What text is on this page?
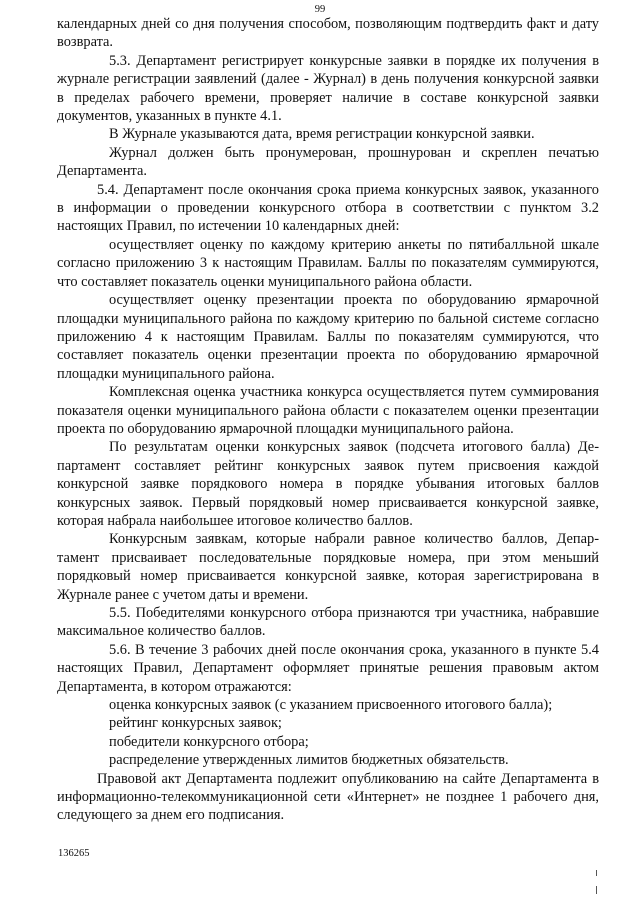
99

календарных дней со дня получения способом, позволяющим подтвердить факт и дату возврата.

5.3. Департамент регистрирует конкурсные заявки в порядке их получения в журнале регистрации заявлений (далее - Журнал) в день получения конкурсной заявки в пределах рабочего времени, проверяет наличие в составе конкурсной заявки документов, указанных в пункте 4.1.

В Журнале указываются дата, время регистрации конкурсной заявки.

Журнал должен быть пронумерован, прошнурован и скреплен печатью Департамента.

5.4. Департамент после окончания срока приема конкурсных заявок, указанного в информации о проведении конкурсного отбора в соответствии с пунктом 3.2 настоящих Правил, по истечении 10 календарных дней:

осуществляет оценку по каждому критерию анкеты по пятибалльной шкале согласно приложению 3 к настоящим Правилам. Баллы по показателям суммируются, что составляет показатель оценки муниципального района области.

осуществляет оценку презентации проекта по оборудованию ярмарочной площадки муниципального района по каждому критерию по бальной системе согласно приложению 4 к настоящим Правилам. Баллы по показателям суммируются, что составляет показатель оценки презентации проекта по оборудованию ярмарочной площадки муниципального района.

Комплексная оценка участника конкурса осуществляется путем суммирования показателя оценки муниципального района области с показателем оценки презентации проекта по оборудованию ярмарочной площадки муниципального района.

По результатам оценки конкурсных заявок (подсчета итогового балла) Департамент составляет рейтинг конкурсных заявок путем присвоения каждой конкурсной заявке порядкового номера в порядке убывания итоговых баллов конкурсных заявок. Первый порядковый номер присваивается конкурсной заявке, которая набрала наибольшее итоговое количество баллов.

Конкурсным заявкам, которые набрали равное количество баллов, Департамент присваивает последовательные порядковые номера, при этом меньший порядковый номер присваивается конкурсной заявке, которая зарегистрирована в Журнале ранее с учетом даты и времени.

5.5. Победителями конкурсного отбора признаются три участника, набравшие максимальное количество баллов.

5.6. В течение 3 рабочих дней после окончания срока, указанного в пункте 5.4 настоящих Правил, Департамент оформляет принятые решения правовым актом Департамента, в котором отражаются:

оценка конкурсных заявок (с указанием присвоенного итогового балла);

рейтинг конкурсных заявок;

победители конкурсного отбора;

распределение утвержденных лимитов бюджетных обязательств.

Правовой акт Департамента подлежит опубликованию на сайте Департамента в информационно-телекоммуникационной сети «Интернет» не позднее 1 рабочего дня, следующего за днем его подписания.

136265
